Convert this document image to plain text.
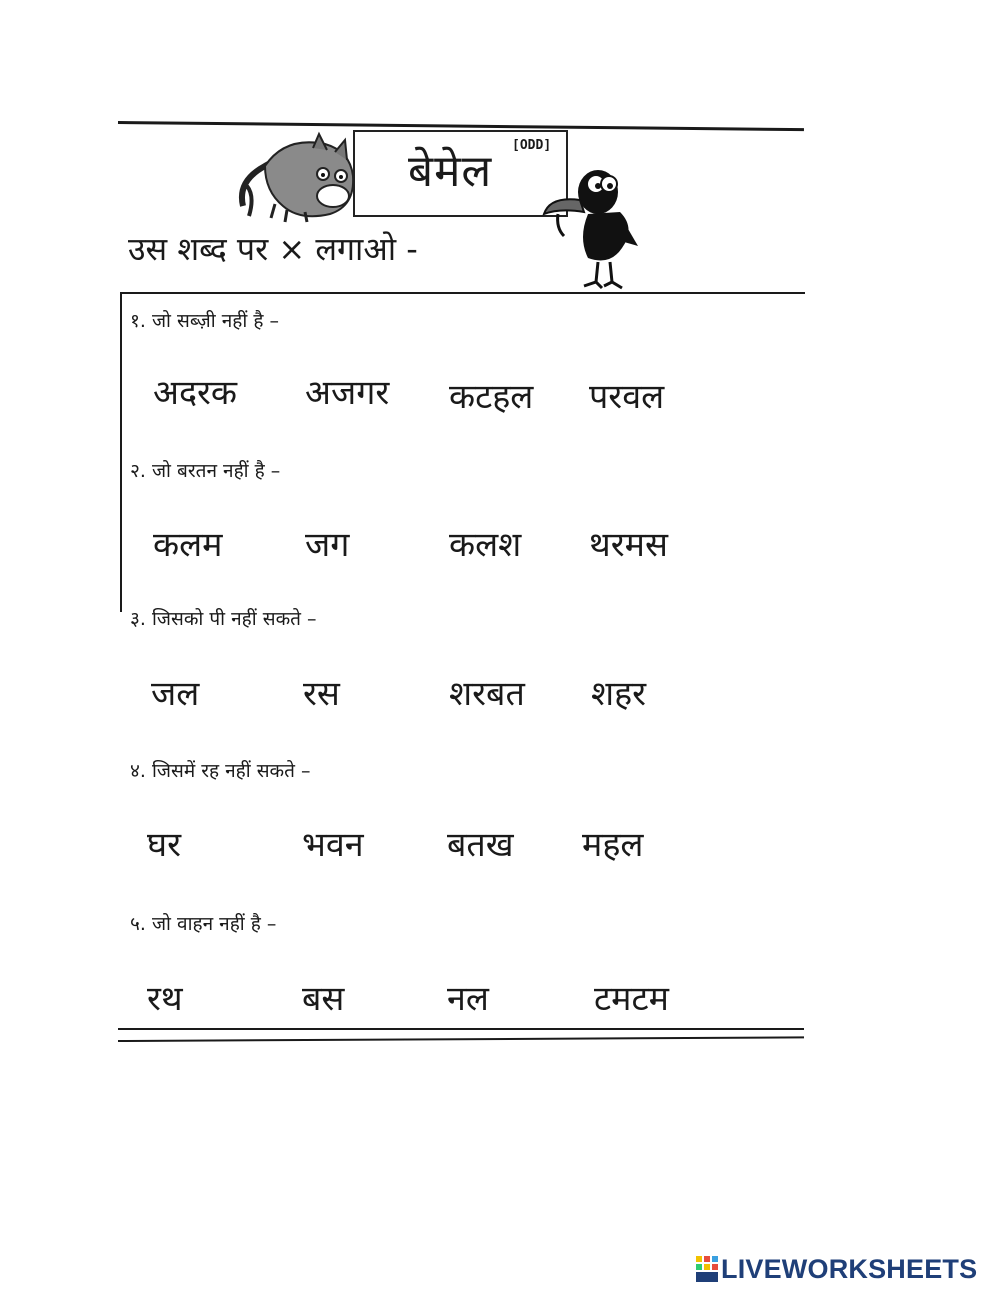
बेमेल
[ODD]
उस शब्द पर × लगाओ -
१. जो सब्ज़ी नहीं है –
अदरक अजगर कटहल परवल
२. जो बरतन नहीं है –
कलम जग	कलश थरमस
३. जिसको पी नहीं सकते –
जल	रस	शरबत शहर
४. जिसमें रह नहीं सकते –
घर	भवन बतख महल
५. जो वाहन नहीं है –
रथ	बस	नल	टमटम
LIVEWORKSHEETS
